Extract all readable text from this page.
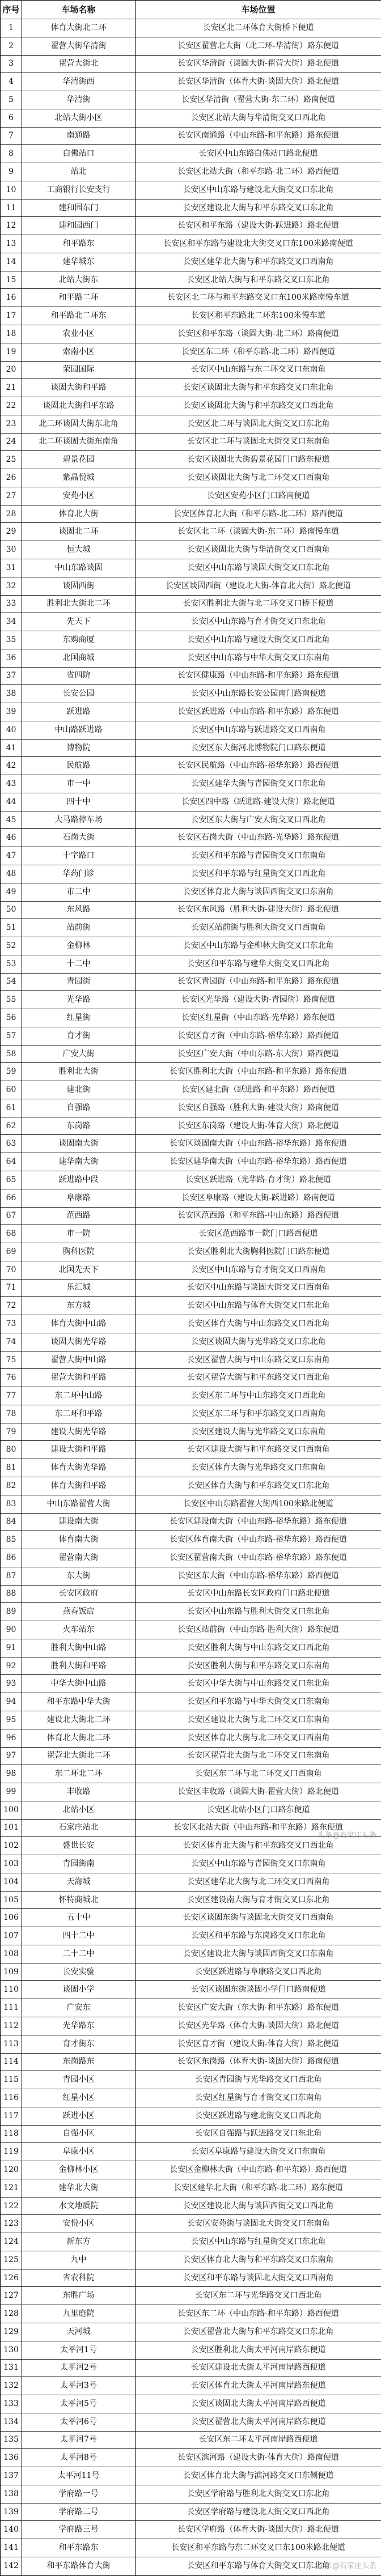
序号	车场名称	车场位置
1	体育大街北二环	长安区北二环体育大街桥下便道
2	翟营大街华清街	长安区翟营北大街（北二环-华清街）路东便道
3	翟营大街北	长安区华清街（谈固大街-翟营大街）路北便道
4	华清街西	长安区华清街（体育大街-谈固大街）路北便道
5	华清街	长安区华清街（翟营大街-东二环）路南便道
6	北站大街小区	长安区北站大街与华清街交叉口西北角
7	南通路	长安区南通路（中山东路-和平东路）路东便道
8	白佛站口	长安区中山东路白佛站口路北便道
9	站北	长安区北站大街（和平东路-北二环）路西便道
10	工商银行长安支行	长安区中山东路与建设北大街交叉口东北角
11	建和园东门	长安区建设北大街与和平东路交叉口东北角
12	建和园西门	长安区和平东路（建设大街-跃进路）路北便道
13	和平路东	长安区和平东路与建设北大街交叉口东100米路南便道
14	建华城东	长安区建华北大街与和平东路交叉口西南角
15	北站大街东	长安区北站大街与和平东路交叉口东北角
16	和平路二环	长安区北二环与和平东路交叉口东100米路南慢车道
17	和平路北二环东	长安区和平东路北二环东100米慢车道
18	农业小区	长安区和平东路（谈固大街-北二环）路南便道
19	索南小区	长安区东二环（和平东路-北二环）路西便道
20	荣园国际	长安区中山东路与东二环交叉口东南角
21	谈固大街和平路	长安区谈固北大街与和平东路交叉口东北角
22	谈固北大街和平东路	长安区谈固北大街与和平东路交叉口西北角
23	北二环谈固大街东北角	长安区北二环与谈固北大街交叉口东北角
24	北二环谈固大街东南角	长安区北二环与谈固北大街交叉口东南角
25	碧景花园	长安区谈固北大街碧景花园门口路东便道
26	紫晶悦城	长安区谈固北大街与北二环交叉口西南角
27	安苑小区	长安区安苑小区门口路南便道
28	体育北大街	长安区体育北大街（和平东路-北二环）路西便道
29	谈固北二环	长安区北二环（谈固大街-东二环）路南慢车道
30	恒大城	长安区谈固北大街与华清街交叉口西南角
31	中山东路谈固	长安区中山东路与谈固大街交叉口东北角
32	谈固西街	长安区谈固西街（建设北大街-体育北大街）路北便道
33	胜利北大街北二环	长安区胜利北大街与北二环交叉口桥下便道
34	先天下	长安区中山东路与育才街交叉口东北角
35	东购商厦	长安区中山东路与建设大街交叉口西北角
36	北国商城	长安区中山东路与中华大街交叉口东南角
37	省四院	长安区健康路（中山东路-和平东路）路东便道
38	长安公园	长安区中山东路长安公园南门路南便道
39	跃进路	长安区跃进路（中山东路-和平东路）路东便道
40	中山路跃进路	长安区中山东路与跃进路交叉口西南角
41	博物院	长安区东大街河北博物院门口路东便道
42	民航路	长安区民航路（中山东路-裕华东路）路西便道
43	市一中	长安区建华大街与青园街交叉口东北角
44	四十中	长安区四中路（跃进路-建设大街）路北便道
45	大马路停车场	长安区东大街与广安大街交叉口西北角
46	石岗大街	长安区石岗大街（中山东路-光华路）路东便道
47	十字路口	长安区和平东路与青园街交叉口东南角
48	华药门诊	长安区和平东路与红星街交叉口西北角
49	市二中	长安区体育北大街与谈固西街交叉口东南角
50	东风路	长安区东风路（胜利大街-建设大街）路北便道
51	站前街	长安区站前街与胜利大街交叉口西南角
52	金柳林	长安区中山东路与金柳林大街交叉口东北角
53	十二中	长安区和平东路与建华大街交叉口西北角
54	青园街	长安区青园街（中山东路-和平东路）路东便道
55	光华路	长安区光华路（建设大街-青园街）路南便道
56	红星街	长安区红星街（中山东路-光华路）路东便道
57	育才街	长安区育才街（中山东路-裕华东路）路西便道
58	广安大街	长安区广安大街（中山东路-东大街）路西便道
59	胜利北大街	长安区胜利北大街（中山东路-和平东路）路东便道
60	建北街	长安区建北街（跃进路-和平东路）路西便道
61	自强路	长安区自强路（胜利大街-建设大街）路南便道
62	东岗路	长安区东岗路（建设大街-体育大街）路北便道
63	谈固南大街	长安区谈固南大街（中山东路-裕华东路）路东便道
64	建华南大街	长安区建华南大街（中山东路-裕华东路）路西便道
65	跃进路中段	长安区跃进路（光华路-育才街）路北便道
66	阜康路	长安区阜康路（建设大街-跃进路）路南便道
67	范西路	长安区范西路（和平东路-中山东路）路西便道
68	市一院	长安区范西路市一院门口路西便道
69	胸科医院	长安区胜利北大街胸科医院门口路东便道
70	北国先天下	长安区中山东路与育才街交叉口西南角
71	乐汇城	长安区中山东路与谈固大街交叉口西南角
72	东方城	长安区中山东路与体育大街交叉口东北角
73	体育大街中山路	长安区体育大街与中山东路交叉口西北角
74	谈固大街光华路	长安区谈固大街与光华路交叉口东北角
75	翟营大街中山路	长安区翟营大街与中山东路交叉口东南角
76	翟营大街和平路	长安区翟营大街与和平东路交叉口西北角
77	东二环中山路	长安区东二环与中山东路交叉口西北角
78	东二环和平路	长安区东二环与和平东路交叉口西南角
79	建设大街光华路	长安区建设大街与光华路交叉口东南角
80	建设大街和平路	长安区建设大街与和平东路交叉口西南角
81	体育大街光华路	长安区体育大街与光华路交叉口东南角
82	体育大街和平路	长安区体育大街与和平东路交叉口东北角
83	中山东路翟营大街	长安区中山东路翟营大街西100米路北便道
84	建设南大街	长安区建设南大街（中山东路-裕华东路）路东便道
85	体育南大街	长安区体育南大街（中山东路-裕华东路）路西便道
86	翟营南大街	长安区翟营南大街（中山东路-裕华东路）路东便道
87	东大街	长安区东大街（中山东路-裕华东路）路西便道
88	长安区政府	长安区中山东路长安区政府门口路北便道
89	燕春饭店	长安区中山东路与胜利大街交叉口东北角
90	火车站东	长安区站前街（中山东路-胜利大街）路东便道
91	胜利大街中山路	长安区胜利大街与中山东路交叉口西北角
92	胜利大街和平路	长安区胜利大街与和平东路交叉口东南角
93	中华大街中山路	长安区中华大街与中山东路交叉口东北角
94	和平东路中华大街	长安区和平东路与中华大街交叉口东南角
95	建设北大街北二环	长安区建设北大街与北二环交叉口东南角
96	体育北大街北二环	长安区体育北大街与北二环交叉口西南角
97	翟营北大街北二环	长安区翟营北大街与北二环交叉口东南角
98	东二环北二环	长安区东二环与北二环交叉口西南角
99	丰收路	长安区丰收路（谈固大街-翟营大街）路北便道
100	北站小区	长安区北站小区门口路东便道
101	石家庄站北	长安区北站大街（中山东路-和平东路）路东便道
102	盛世长安	长安区体育北大街与和平东路交叉口西北角
103	青园街南	长安区中山东路与青园街交叉口东南角
104	天海城	长安区建华北大街与北二环交叉口西南角
105	怀特商城北	长安区建设南大街与育才街交叉口东北角
106	五十中	长安区谈固东街与谈固北大街交叉口西南角
107	四十二中	长安区和平东路与东岗路交叉口东北角
108	二十二中	长安区建设北大街与谈固西街交叉口东南角
109	长安实验	长安区跃进路与阜康路交叉口西北角
110	谈固小学	长安区谈固东街谈固小学门口路南便道
111	广安东	长安区广安大街（东大街-和平东路）路东便道
112	光华路东	长安区光华路（体育大街-谈固大街）路北便道
113	育才街东	长安区育才街（建设大街-体育大街）路北便道
114	东岗路东	长安区东岗路（体育大街-谈固大街）路南便道
115	青园小区	长安区青园街与光华路交叉口西北角
116	红星小区	长安区红星街与育才街交叉口东南角
117	跃进小区	长安区跃进路与建北街交叉口西北角
118	自强小区	长安区自强路与跃进路交叉口东北角
119	阜康小区	长安区阜康路与建设大街交叉口东南角
120	金柳林小区	长安区金柳林大街（中山东路-和平东路）路西便道
121	建华北大街	长安区建华北大街（和平东路-北二环）路东便道
122	水文地质院	长安区建设北大街与谈固西街交叉口西北角
123	安悦小区	长安区安苑街与谈固北大街交叉口东南角
124	新东方	长安区中山东路与红星街交叉口东北角
125	九中	长安区体育北大街与和平东路交叉口东南角
126	省农科院	长安区和平东路与谈固北大街交叉口西南角
127	东胜广场	长安区东二环与光华路交叉口西北角
128	九里庭院	长安区东二环（中山东路-和平东路）路西便道
129	天河城	长安区翟营北大街与和平东路交叉口东北角
130	太平河1号	长安区胜利北大街太平河南岸路东便道
131	太平河2号	长安区建设北大街太平河南岸路西便道
132	太平河3号	长安区体育北大街太平河南岸路东便道
133	太平河5号	长安区谈固北大街太平河南岸路西便道
134	太平河6号	长安区翟营北大街太平河南岸路东便道
135	太平河7号	长安区东二环太平河南岸路西便道
136	太平河8号	长安区滨河路（建设大街-体育大街）路南便道
137	太平河11号	长安区体育北大街与滨河路交叉口东侧便道
138	学府路一号	长安区学府路与胜利北大街交叉口东北角
139	学府路二号	长安区学府路与建设北大街交叉口西北角
140	学府路三号	长安区学府路（体育大街-谈固大街）路北便道
141	和平东路东	长安区和平东路与东二环交叉口东100米路北便道
142	和平东路体育大街	长安区和平东路与体育大街交叉口东北角
头条@石家庄头条
头条@石家庄头条
